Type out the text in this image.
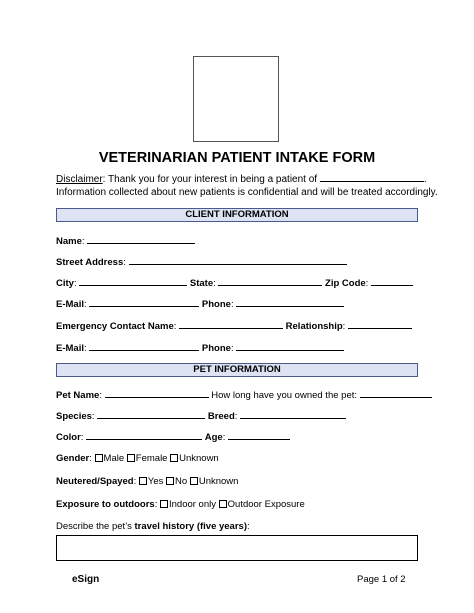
VETERINARIAN PATIENT INTAKE FORM
Disclaimer: Thank you for your interest in being a patient of	.
Information collected about new patients is confidential and will be treated accordingly.
CLIENT INFORMATION
Name:
Street Address:
City:	State:	Zip Code:
E-Mail:	Phone:
Emergency Contact Name:	Relationship:
E-Mail:	Phone:
PET INFORMATION
Pet Name:	How long have you owned the pet:
Species:	Breed:
Color:	Age:
Gender: Male Female Unknown
Neutered/Spayed: Yes No Unknown
Exposure to outdoors: Indoor only Outdoor Exposure
Describe the pet’s travel history (five years):
eSign	Page 1 of 2
